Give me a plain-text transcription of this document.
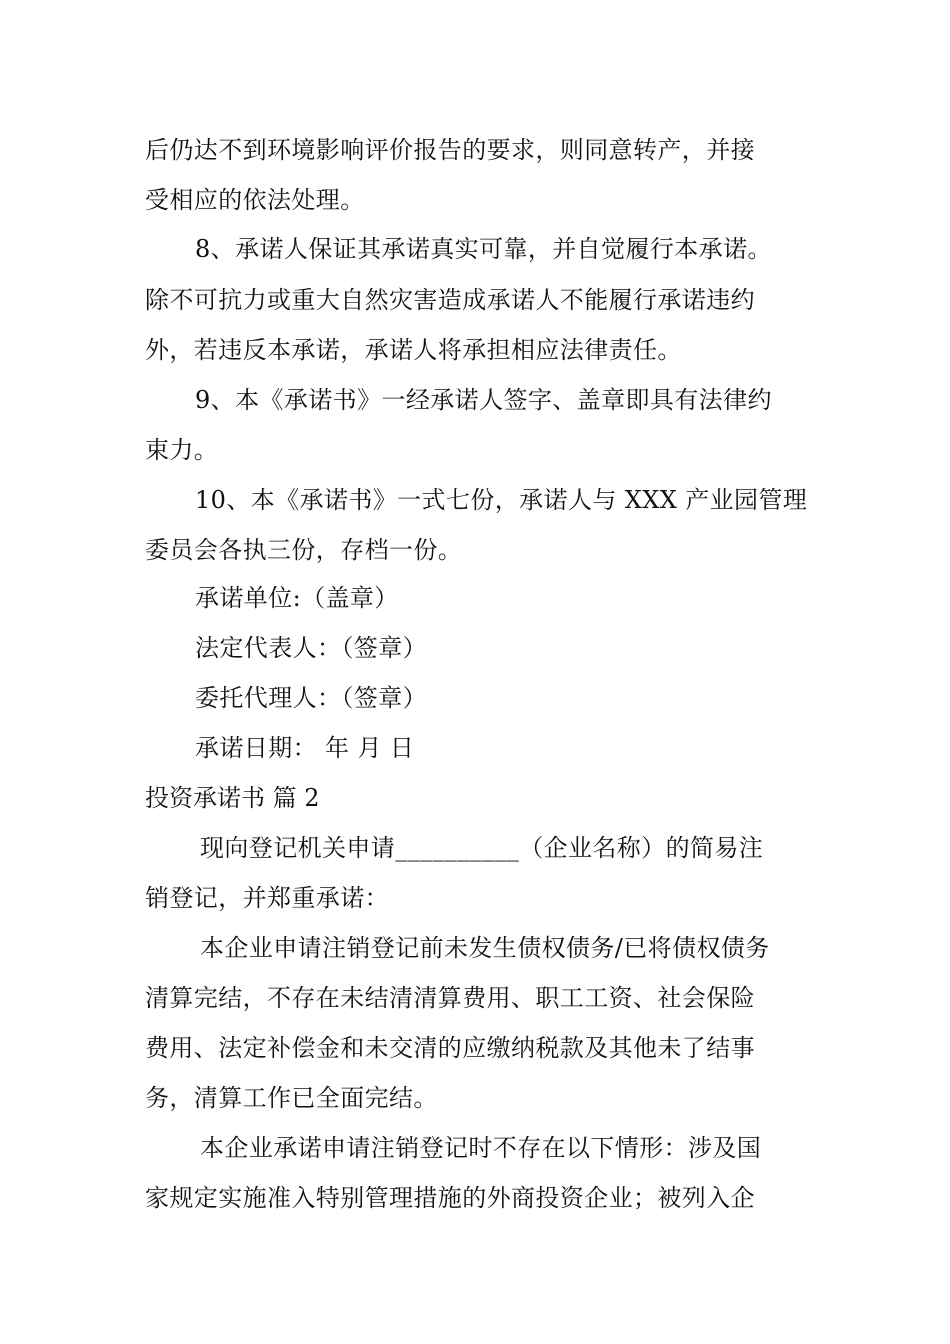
后仍达不到环境影响评价报告的要求，则同意转产，并接
受相应的依法处理。
8、承诺人保证其承诺真实可靠，并自觉履行本承诺。
除不可抗力或重大自然灾害造成承诺人不能履行承诺违约
外，若违反本承诺，承诺人将承担相应法律责任。
9、本《承诺书》一经承诺人签字、盖章即具有法律约
束力。
10、本《承诺书》一式七份，承诺人与 XXX 产业园管理
委员会各执三份，存档一份。
承诺单位:（盖章）
法定代表人：（签章）
委托代理人：（签章）
承诺日期： 年 月 日
投资承诺书 篇 2
现向登记机关申请__________（企业名称）的简易注
销登记，并郑重承诺：
本企业申请注销登记前未发生债权债务/已将债权债务
清算完结，不存在未结清清算费用、职工工资、社会保险
费用、法定补偿金和未交清的应缴纳税款及其他未了结事
务，清算工作已全面完结。
本企业承诺申请注销登记时不存在以下情形：涉及国
家规定实施准入特别管理措施的外商投资企业；被列入企
